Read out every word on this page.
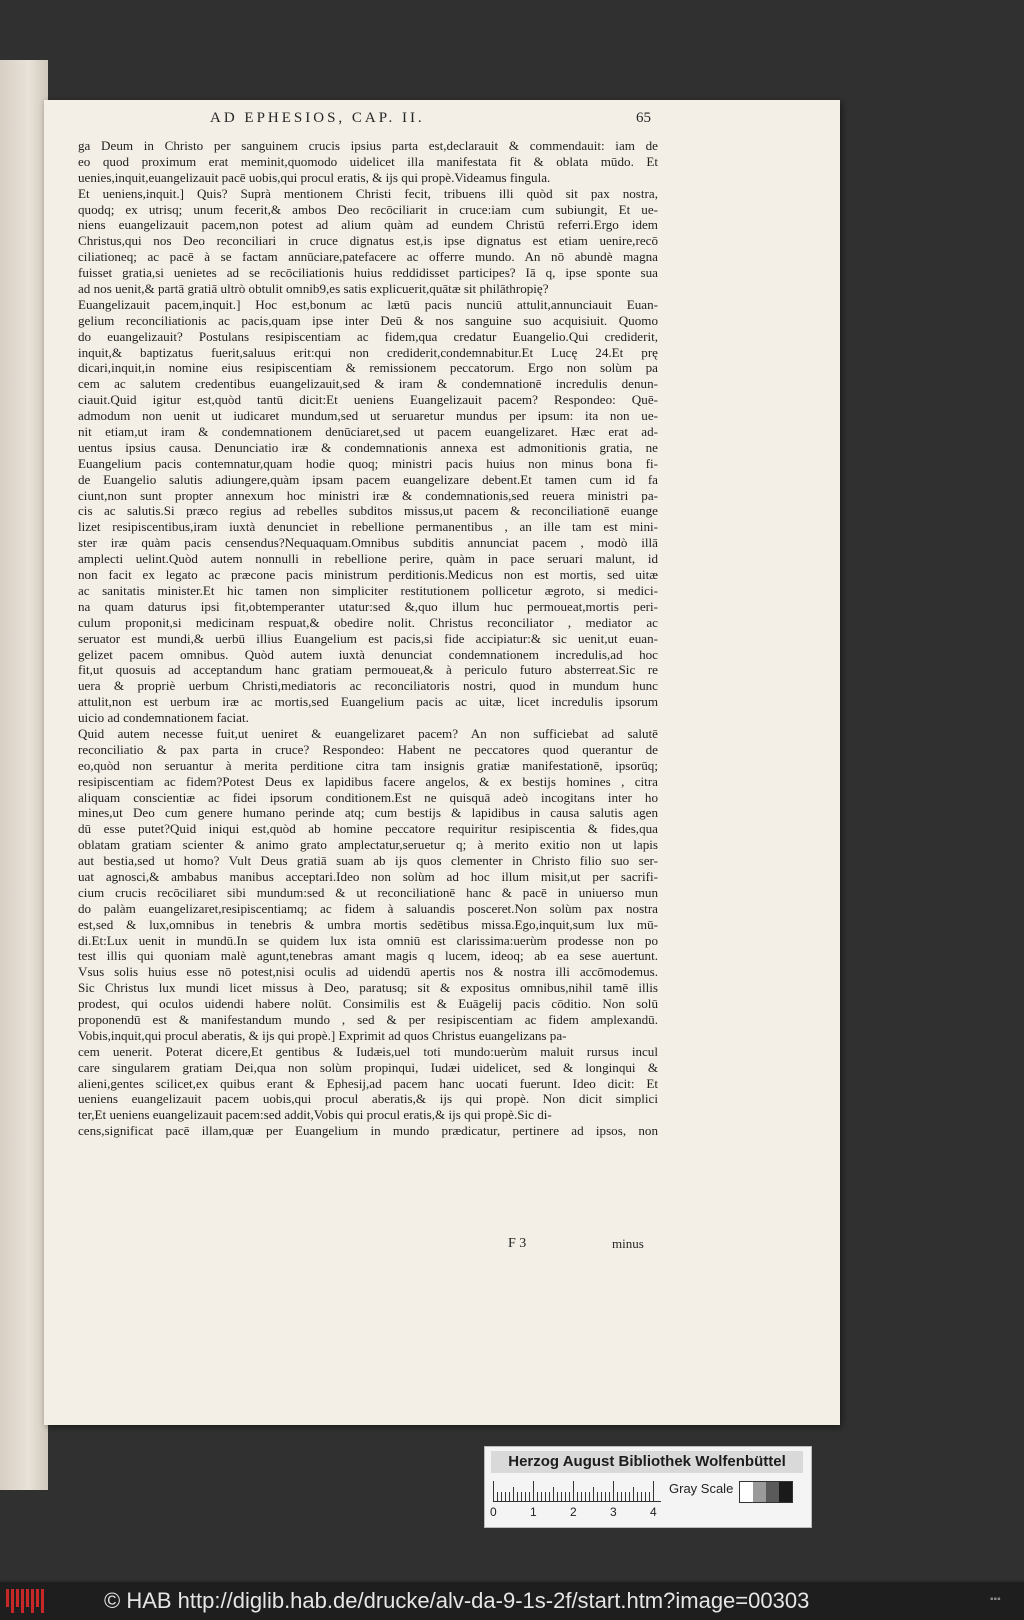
AD EPHESIOS, CAP. II.	65
ga Deum in Christo per sanguinem crucis ipsius parta est,declarauit & commendauit: iam de
eo quod proximum erat meminit,quomodo uidelicet illa manifestata fit & oblata mūdo. Et
uenies,inquit,euangelizauit pacē uobis,qui procul eratis, & ijs qui propè.Videamus fingula.
Et ueniens,inquit.] Quis? Suprà mentionem Christi fecit, tribuens illi quòd sit pax nostra,
quodq; ex utrisq; unum fecerit,& ambos Deo recōciliarit in cruce:iam cum subiungit, Et ue-
niens euangelizauit pacem,non potest ad alium quàm ad eundem Christū referri.Ergo idem
Christus,qui nos Deo reconciliari in cruce dignatus est,is ipse dignatus est etiam uenire,recō
ciliationeq; ac pacē à se factam annūciare,patefacere ac offerre mundo. An nō abundè magna
fuisset gratia,si uenietes ad se recōciliationis huius reddidisset participes? Iā q, ipse sponte sua
ad nos uenit,& partā gratiā ultrò obtulit omnib9,es satis explicuerit,quātæ sit philāthropię?
Euangelizauit pacem,inquit.] Hoc est,bonum ac lætū pacis nunciū attulit,annunciauit Euan-
gelium reconciliationis ac pacis,quam ipse inter Deū & nos sanguine suo acquisiuit. Quomo
do euangelizauit? Postulans resipiscentiam ac fidem,qua credatur Euangelio.Qui crediderit,
inquit,& baptizatus fuerit,saluus erit:qui non crediderit,condemnabitur.Et Lucę 24.Et prę
dicari,inquit,in nomine eius resipiscentiam & remissionem peccatorum. Ergo non solùm pa
cem ac salutem credentibus euangelizauit,sed & iram & condemnationē incredulis denun-
ciauit.Quid igitur est,quòd tantū dicit:Et ueniens Euangelizauit pacem? Respondeo: Quē-
admodum non uenit ut iudicaret mundum,sed ut seruaretur mundus per ipsum: ita non ue-
nit etiam,ut iram & condemnationem denūciaret,sed ut pacem euangelizaret. Hæc erat ad-
uentus ipsius causa. Denunciatio iræ & condemnationis annexa est admonitionis gratia, ne
Euangelium pacis contemnatur,quam hodie quoq; ministri pacis huius non minus bona fi-
de Euangelio salutis adiungere,quàm ipsam pacem euangelizare debent.Et tamen cum id fa
ciunt,non sunt propter annexum hoc ministri iræ & condemnationis,sed reuera ministri pa-
cis ac salutis.Si præco regius ad rebelles subditos missus,ut pacem & reconciliationē euange
lizet resipiscentibus,iram iuxtà denunciet in rebellione permanentibus , an ille tam est mini-
ster iræ quàm pacis censendus?Nequaquam.Omnibus subditis annunciat pacem , modò illā
amplecti uelint.Quòd autem nonnulli in rebellione perire, quàm in pace seruari malunt, id
non facit ex legato ac præcone pacis ministrum perditionis.Medicus non est mortis, sed uitæ
ac sanitatis minister.Et hic tamen non simpliciter restitutionem pollicetur ægroto, si medici-
na quam daturus ipsi fit,obtemperanter utatur:sed &,quo illum huc permoueat,mortis peri-
culum proponit,si medicinam respuat,& obedire nolit. Christus reconciliator , mediator ac
seruator est mundi,& uerbū illius Euangelium est pacis,si fide accipiatur:& sic uenit,ut euan-
gelizet pacem omnibus. Quòd autem iuxtà denunciat condemnationem incredulis,ad hoc
fit,ut quosuis ad acceptandum hanc gratiam permoueat,& à periculo futuro absterreat.Sic re
uera & propriè uerbum Christi,mediatoris ac reconciliatoris nostri, quod in mundum hunc
attulit,non est uerbum iræ ac mortis,sed Euangelium pacis ac uitæ, licet incredulis ipsorum
uicio ad condemnationem faciat.
Quid autem necesse fuit,ut ueniret & euangelizaret pacem? An non sufficiebat ad salutē
reconciliatio & pax parta in cruce? Respondeo: Habent ne peccatores quod querantur de
eo,quòd non seruantur à merita perditione citra tam insignis gratiæ manifestationē, ipsorūq;
resipiscentiam ac fidem?Potest Deus ex lapidibus facere angelos, & ex bestijs homines , citra
aliquam conscientiæ ac fidei ipsorum conditionem.Est ne quisquā adeò incogitans inter ho
mines,ut Deo cum genere humano perinde atq; cum bestijs & lapidibus in causa salutis agen
dū esse putet?Quid iniqui est,quòd ab homine peccatore requiritur resipiscentia & fides,qua
oblatam gratiam scienter & animo grato amplectatur,seruetur q; à merito exitio non ut lapis
aut bestia,sed ut homo? Vult Deus gratiā suam ab ijs quos clementer in Christo filio suo ser-
uat agnosci,& ambabus manibus acceptari.Ideo non solùm ad hoc illum misit,ut per sacrifi-
cium crucis recōciliaret sibi mundum:sed & ut reconciliationē hanc & pacē in uniuerso mun
do palàm euangelizaret,resipiscentiamq; ac fidem à saluandis posceret.Non solùm pax nostra
est,sed & lux,omnibus in tenebris & umbra mortis sedētibus missa.Ego,inquit,sum lux mū-
di.Et:Lux uenit in mundū.In se quidem lux ista omniū est clarissima:uerùm prodesse non po
test illis qui quoniam malè agunt,tenebras amant magis q lucem, ideoq; ab ea sese auertunt.
Vsus solis huius esse nō potest,nisi oculis ad uidendū apertis nos & nostra illi accōmodemus.
Sic Christus lux mundi licet missus à Deo, paratusq; sit & expositus omnibus,nihil tamē illis
prodest, qui oculos uidendi habere nolūt. Consimilis est & Euāgelij pacis cōditio. Non solū
proponendū est & manifestandum mundo , sed & per resipiscentiam ac fidem amplexandū.
Vobis,inquit,qui procul aberatis, & ijs qui propè.] Exprimit ad quos Christus euangelizans pa-
cem uenerit. Poterat dicere,Et gentibus & Iudæis,uel toti mundo:uerùm maluit rursus incul
care singularem gratiam Dei,qua non solùm propinqui, Iudæi uidelicet, sed & longinqui &
alieni,gentes scilicet,ex quibus erant & Ephesij,ad pacem hanc uocati fuerunt. Ideo dicit: Et
ueniens euangelizauit pacem uobis,qui procul aberatis,& ijs qui propè. Non dicit simplici
ter,Et ueniens euangelizauit pacem:sed addit,Vobis qui procul eratis,& ijs qui propè.Sic di-
cens,significat pacē illam,quæ per Euangelium in mundo prædicatur, pertinere ad ipsos, non
F 3	minus
Herzog August Bibliothek Wolfenbüttel
Gray Scale
0	1	2	3	4
© HAB http://diglib.hab.de/drucke/alv-da-9-1s-2f/start.htm?image=00303	▪▪▪
